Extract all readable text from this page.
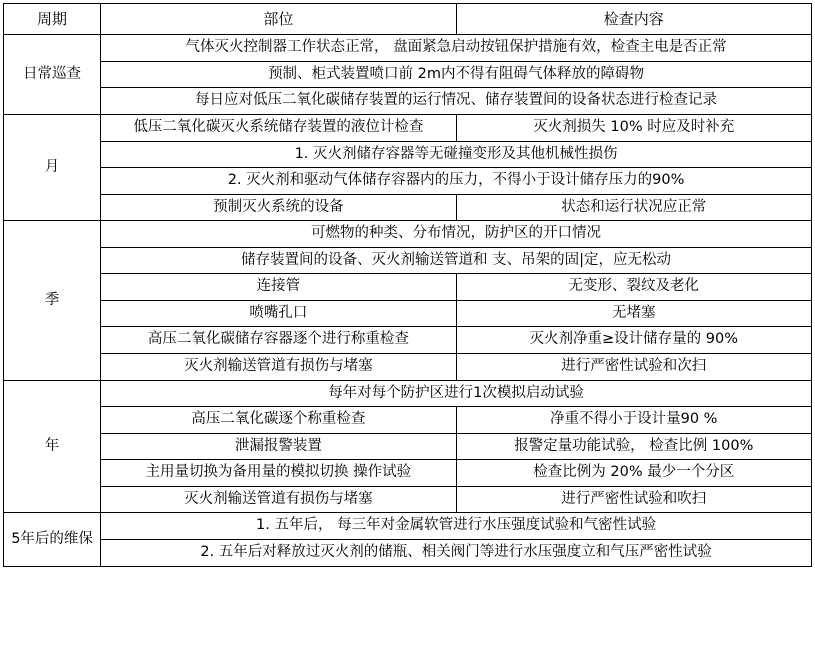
周期	部位	检查内容
日常巡查	气体灭火控制器工作状态正常， 盘面紧急启动按钮保护措施有效，检查主电是否正常	
	预制、柜式装置喷口前 2m内不得有阻碍气体释放的障碍物	
	每日应对低压二氧化碳储存装置的运行情况、储存装置间的设备状态进行检查记录	
月	低压二氧化碳灭火系统储存装置的液位计检查	灭火剂损失 10% 时应及时补充
	1. 灭火剂储存容器等无碰撞变形及其他机械性损伤	
	2. 灭火剂和驱动气体储存容器内的压力，不得小于设计储存压力的90%	
	预制灭火系统的设备	状态和运行状况应正常
季	可燃物的种类、分布情况，防护区的开口情况	
	储存装置间的设备、灭火剂输送管道和 支、吊架的固|定，应无松动	
	连接管	无变形、裂纹及老化
	喷嘴孔口	无堵塞
	高压二氧化碳储存容器逐个进行称重检查	灭火剂净重≥设计储存量的 90%
	灭火剂输送管道有损伤与堵塞	进行严密性试验和次扫
年	每年对每个防护区进行1次模拟启动试验	
	高压二氧化碳逐个称重检查	净重不得小于设计量90 %
	泄漏报警装置	报警定量功能试验， 检查比例 100%
	主用量切换为备用量的模拟切换 操作试验	检查比例为 20% 最少一个分区
	灭火剂输送管道有损伤与堵塞	进行严密性试验和吹扫
5年后的维保	1. 五年后， 每三年对金属软管进行水压强度试验和气密性试验	
	2. 五年后对释放过灭火剂的储瓶、相关阀门等进行水压强度立和气压严密性试验	
